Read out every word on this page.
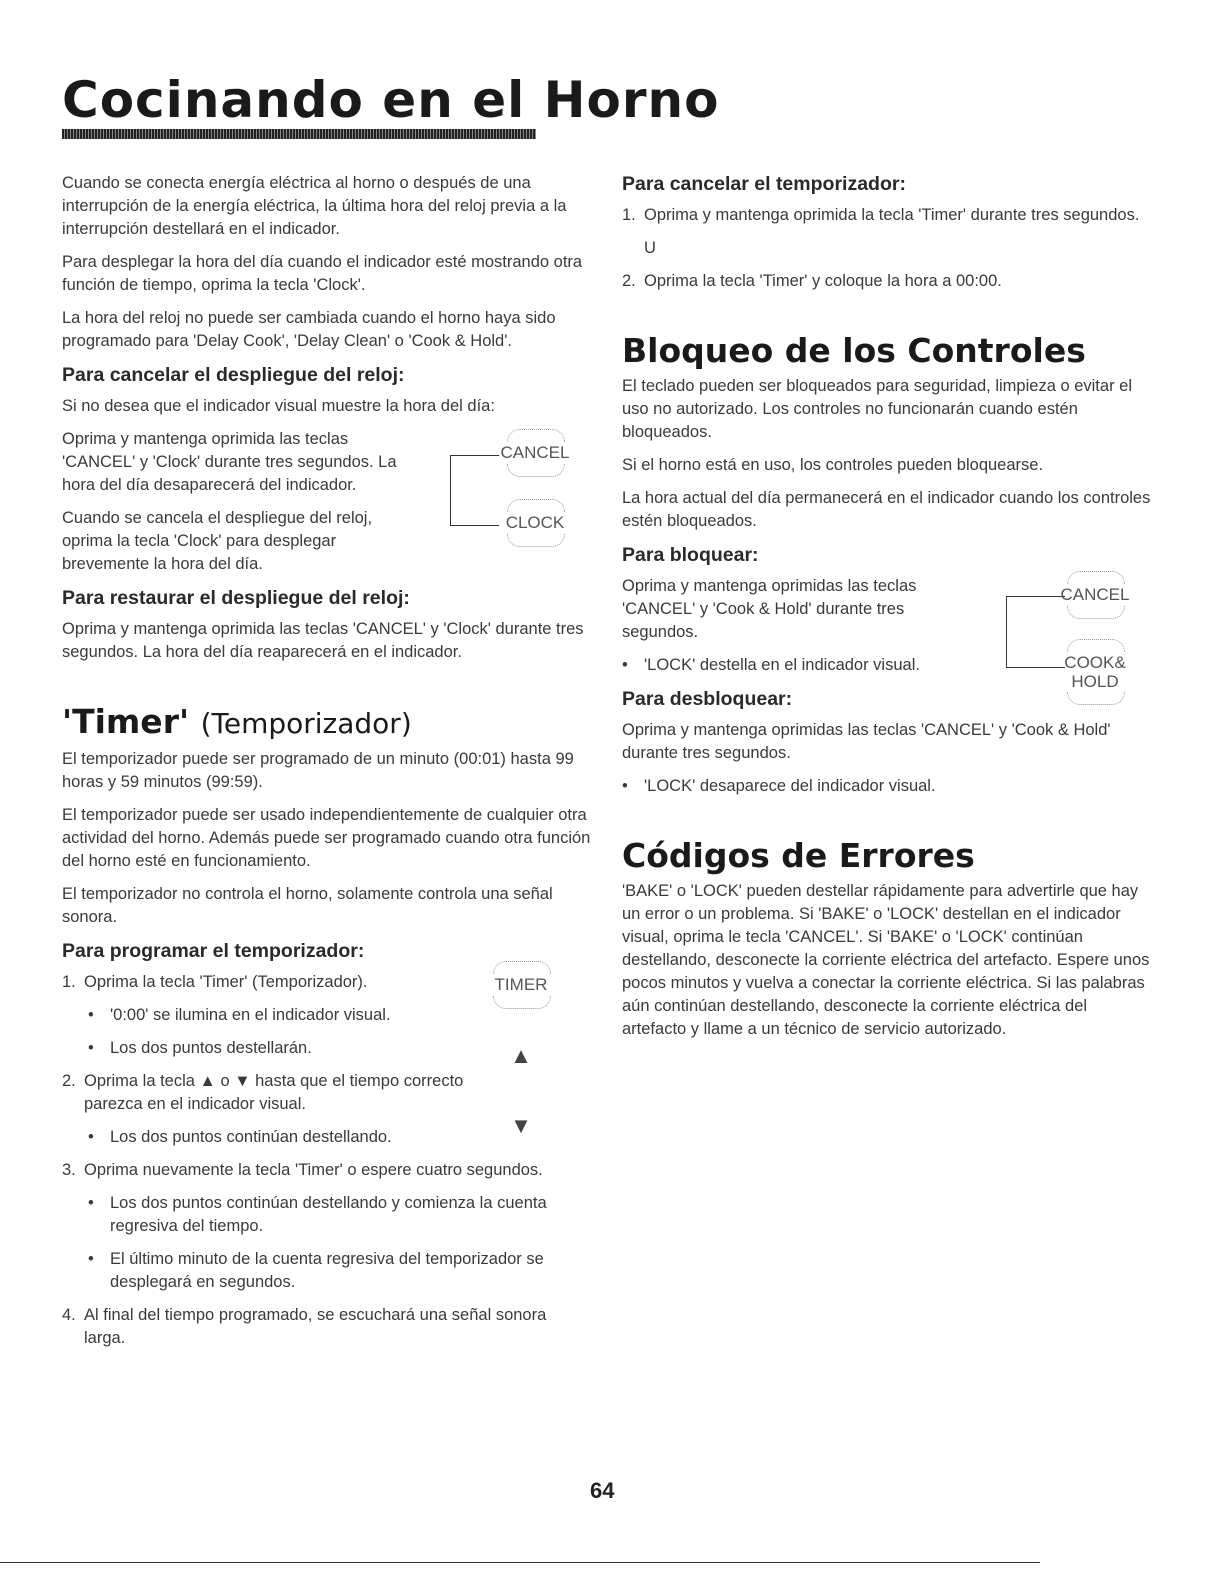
Cocinando en el Horno

Cuando se conecta energía eléctrica al horno o después de una interrupción de la energía eléctrica, la última hora del reloj previa a la interrupción destellará en el indicador.

Para desplegar la hora del día cuando el indicador esté mostrando otra función de tiempo, oprima la tecla 'Clock'.

La hora del reloj no puede ser cambiada cuando el horno haya sido programado para 'Delay Cook', 'Delay Clean' o 'Cook & Hold'.

Para cancelar el despliegue del reloj:

Si no desea que el indicador visual muestre la hora del día:

Oprima y mantenga oprimida las teclas 'CANCEL' y 'Clock' durante tres segundos. La hora del día desaparecerá del indicador.

Cuando se cancela el despliegue del reloj, oprima la tecla 'Clock' para desplegar brevemente la hora del día.

CANCEL
CLOCK
Para restaurar el despliegue del reloj:

Oprima y mantenga oprimida las teclas 'CANCEL' y 'Clock' durante tres segundos. La hora del día reaparecerá en el indicador.

'Timer' (Temporizador)

El temporizador puede ser programado de un minuto (00:01) hasta 99 horas y 59 minutos (99:59).

El temporizador puede ser usado independientemente de cualquier otra actividad del horno. Además puede ser programado cuando otra función del horno esté en funcionamiento.

El temporizador no controla el horno, solamente controla una señal sonora.

Para programar el temporizador:
1. Oprima la tecla 'Timer' (Temporizador).
• '0:00' se ilumina en el indicador visual.
• Los dos puntos destellarán.
2. Oprima la tecla ▲ o ▼ hasta que el tiempo correcto parezca en el indicador visual.
• Los dos puntos continúan destellando.
3. Oprima nuevamente la tecla 'Timer' o espere cuatro segundos.
• Los dos puntos continúan destellando y comienza la cuenta regresiva del tiempo.
• El último minuto de la cuenta regresiva del temporizador se desplegará en segundos.
4. Al final del tiempo programado, se escuchará una señal sonora larga.
TIMER
▲
▼
Para cancelar el temporizador:
1. Oprima y mantenga oprimida la tecla 'Timer' durante tres segundos.

U

2. Oprima la tecla 'Timer' y coloque la hora a 00:00.
Bloqueo de los Controles

El teclado pueden ser bloqueados para seguridad, limpieza o evitar el uso no autorizado. Los controles no funcionarán cuando estén bloqueados.

Si el horno está en uso, los controles pueden bloquearse.

La hora actual del día permanecerá en el indicador cuando los controles estén bloqueados.

Para bloquear:

Oprima y mantenga oprimidas las teclas 'CANCEL' y 'Cook & Hold' durante tres segundos.

• 'LOCK' destella en el indicador visual.
CANCEL
COOK&
HOLD
Para desbloquear:

Oprima y mantenga oprimidas las teclas 'CANCEL' y 'Cook & Hold' durante tres segundos.

• 'LOCK' desaparece del indicador visual.
Códigos de Errores

'BAKE' o 'LOCK' pueden destellar rápidamente para advertirle que hay un error o un problema. Si 'BAKE' o 'LOCK' destellan en el indicador visual, oprima le tecla 'CANCEL'. Si 'BAKE' o 'LOCK' continúan destellando, desconecte la corriente eléctrica del artefacto. Espere unos pocos minutos y vuelva a conectar la corriente eléctrica. Si las palabras aún continúan destellando, desconecte la corriente eléctrica del artefacto y llame a un técnico de servicio autorizado.

64
